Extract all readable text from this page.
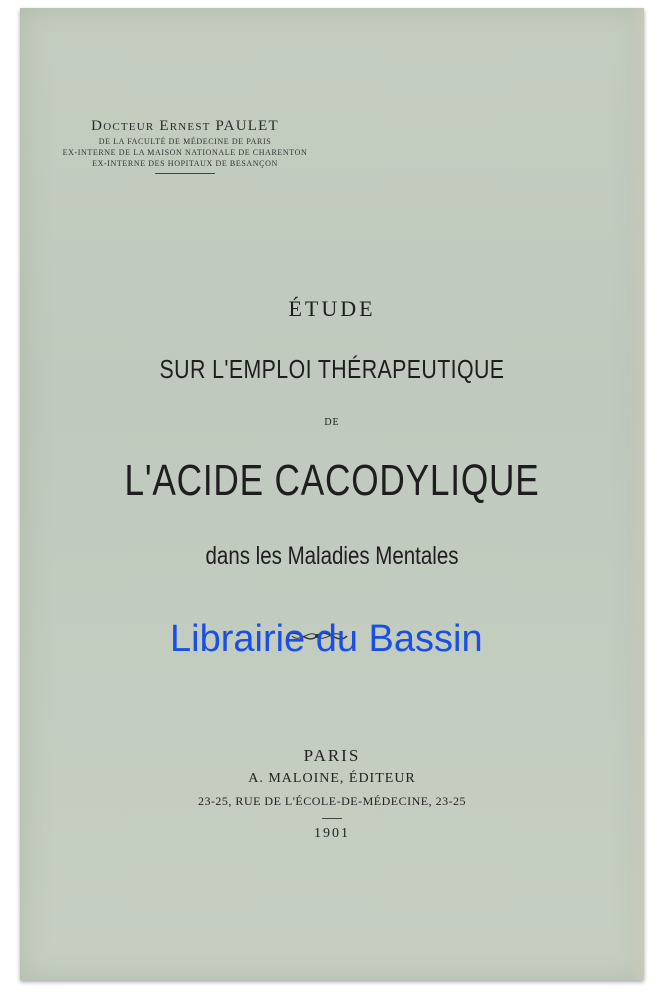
Docteur Ernest PAULET
DE LA FACULTÉ DE MÉDECINE DE PARIS
EX-INTERNE DE LA MAISON NATIONALE DE CHARENTON
EX-INTERNE DES HOPITAUX DE BESANÇON
ÉTUDE
SUR L'EMPLOI THÉRAPEUTIQUE
DE
L'ACIDE CACODYLIQUE
dans les Maladies Mentales
Librairie du Bassin
PARIS
A. MALOINE, ÉDITEUR
23-25, RUE DE L'ÉCOLE-DE-MÉDECINE, 23-25
1901
